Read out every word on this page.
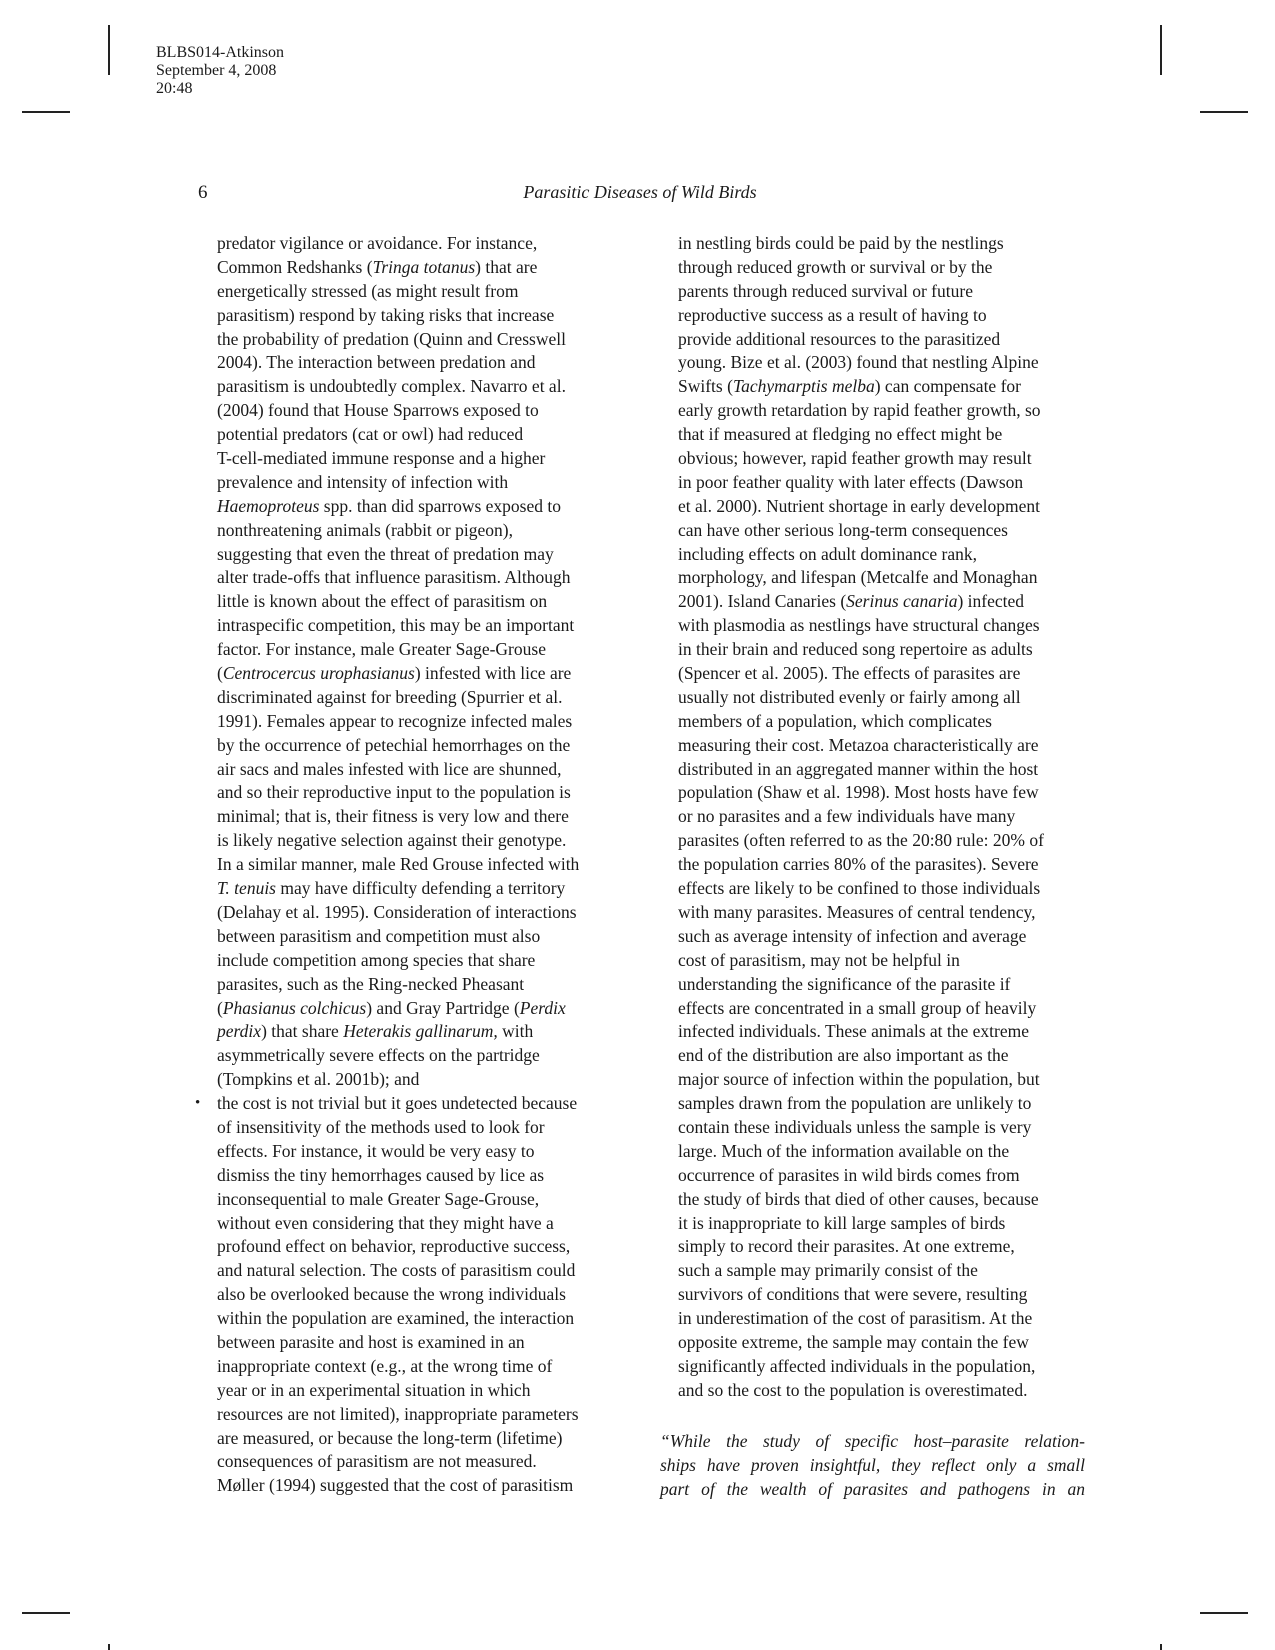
BLBS014-Atkinson
September 4, 2008
20:48

6	Parasitic Diseases of Wild Birds
predator vigilance or avoidance. For instance,
Common Redshanks (Tringa totanus) that are
energetically stressed (as might result from
parasitism) respond by taking risks that increase
the probability of predation (Quinn and Cresswell
2004). The interaction between predation and
parasitism is undoubtedly complex. Navarro et al.
(2004) found that House Sparrows exposed to
potential predators (cat or owl) had reduced
T-cell-mediated immune response and a higher
prevalence and intensity of infection with
Haemoproteus spp. than did sparrows exposed to
nonthreatening animals (rabbit or pigeon),
suggesting that even the threat of predation may
alter trade-offs that influence parasitism. Although
little is known about the effect of parasitism on
intraspecific competition, this may be an important
factor. For instance, male Greater Sage-Grouse
(Centrocercus urophasianus) infested with lice are
discriminated against for breeding (Spurrier et al.
1991). Females appear to recognize infected males
by the occurrence of petechial hemorrhages on the
air sacs and males infested with lice are shunned,
and so their reproductive input to the population is
minimal; that is, their fitness is very low and there
is likely negative selection against their genotype.
In a similar manner, male Red Grouse infected with
T. tenuis may have difficulty defending a territory
(Delahay et al. 1995). Consideration of interactions
between parasitism and competition must also
include competition among species that share
parasites, such as the Ring-necked Pheasant
(Phasianus colchicus) and Gray Partridge (Perdix
perdix) that share Heterakis gallinarum, with
asymmetrically severe effects on the partridge
(Tompkins et al. 2001b); and
• the cost is not trivial but it goes undetected because
of insensitivity of the methods used to look for
effects. For instance, it would be very easy to
dismiss the tiny hemorrhages caused by lice as
inconsequential to male Greater Sage-Grouse,
without even considering that they might have a
profound effect on behavior, reproductive success,
and natural selection. The costs of parasitism could
also be overlooked because the wrong individuals
within the population are examined, the interaction
between parasite and host is examined in an
inappropriate context (e.g., at the wrong time of
year or in an experimental situation in which
resources are not limited), inappropriate parameters
are measured, or because the long-term (lifetime)
consequences of parasitism are not measured.
Møller (1994) suggested that the cost of parasitism
in nestling birds could be paid by the nestlings
through reduced growth or survival or by the
parents through reduced survival or future
reproductive success as a result of having to
provide additional resources to the parasitized
young. Bize et al. (2003) found that nestling Alpine
Swifts (Tachymarptis melba) can compensate for
early growth retardation by rapid feather growth, so
that if measured at fledging no effect might be
obvious; however, rapid feather growth may result
in poor feather quality with later effects (Dawson
et al. 2000). Nutrient shortage in early development
can have other serious long-term consequences
including effects on adult dominance rank,
morphology, and lifespan (Metcalfe and Monaghan
2001). Island Canaries (Serinus canaria) infected
with plasmodia as nestlings have structural changes
in their brain and reduced song repertoire as adults
(Spencer et al. 2005). The effects of parasites are
usually not distributed evenly or fairly among all
members of a population, which complicates
measuring their cost. Metazoa characteristically are
distributed in an aggregated manner within the host
population (Shaw et al. 1998). Most hosts have few
or no parasites and a few individuals have many
parasites (often referred to as the 20:80 rule: 20% of
the population carries 80% of the parasites). Severe
effects are likely to be confined to those individuals
with many parasites. Measures of central tendency,
such as average intensity of infection and average
cost of parasitism, may not be helpful in
understanding the significance of the parasite if
effects are concentrated in a small group of heavily
infected individuals. These animals at the extreme
end of the distribution are also important as the
major source of infection within the population, but
samples drawn from the population are unlikely to
contain these individuals unless the sample is very
large. Much of the information available on the
occurrence of parasites in wild birds comes from
the study of birds that died of other causes, because
it is inappropriate to kill large samples of birds
simply to record their parasites. At one extreme,
such a sample may primarily consist of the
survivors of conditions that were severe, resulting
in underestimation of the cost of parasitism. At the
opposite extreme, the sample may contain the few
significantly affected individuals in the population,
and so the cost to the population is overestimated.
“While the study of specific host–parasite relation-
ships have proven insightful, they reflect only a small
part of the wealth of parasites and pathogens in an
